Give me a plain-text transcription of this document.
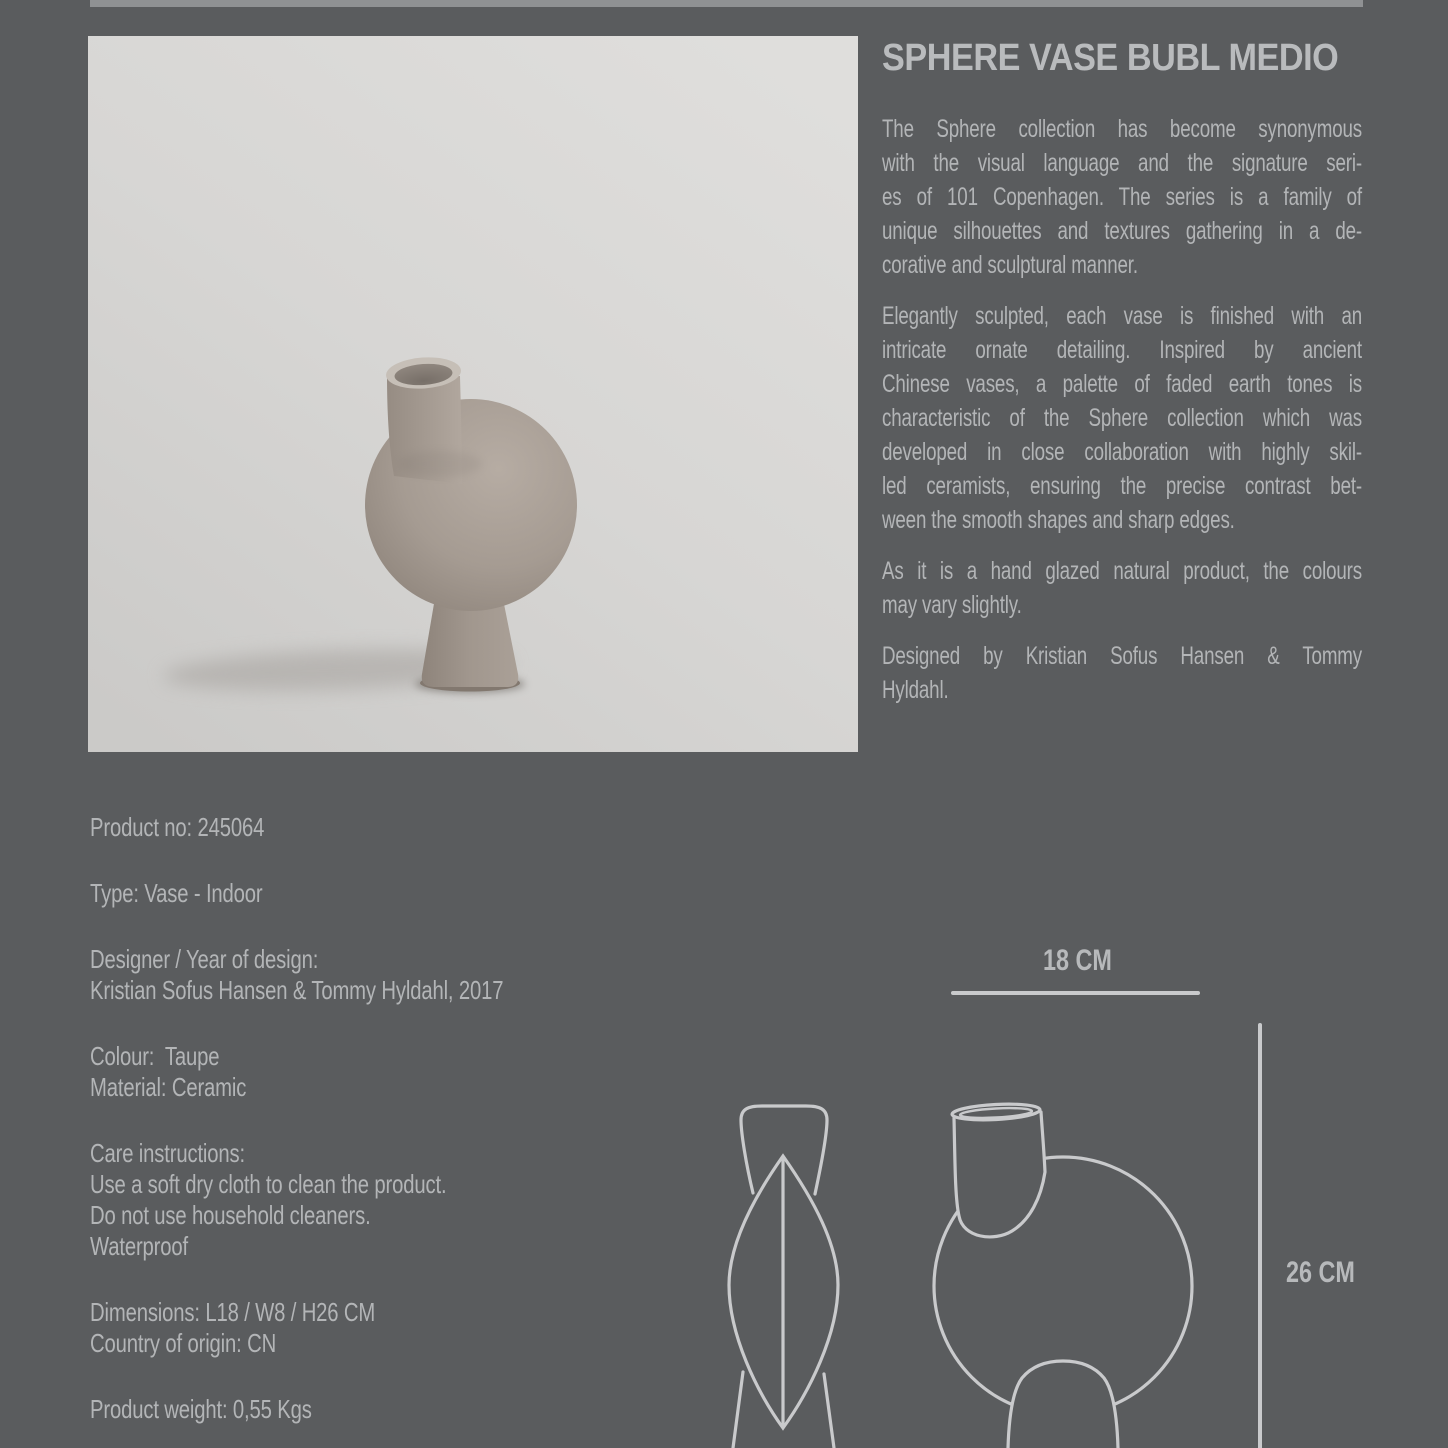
SPHERE VASE BUBL MEDIO
The Sphere collection has become synonymous
with the visual language and the signature seri-
es of 101 Copenhagen. The series is a family of
unique silhouettes and textures gathering in a de-
corative and sculptural manner.
Elegantly sculpted, each vase is finished with an
intricate ornate detailing. Inspired by ancient
Chinese vases, a palette of faded earth tones is
characteristic of the Sphere collection which was
developed in close collaboration with highly skil-
led ceramists, ensuring the precise contrast bet-
ween the smooth shapes and sharp edges.
As it is a hand glazed natural product, the colours
may vary slightly.
Designed by Kristian Sofus Hansen & Tommy
Hyldahl.
Product no: 245064
Type: Vase - Indoor
Designer / Year of design:
Kristian Sofus Hansen & Tommy Hyldahl, 2017
Colour:  Taupe
Material: Ceramic
Care instructions:
Use a soft dry cloth to clean the product.
Do not use household cleaners.
Waterproof
Dimensions: L18 / W8 / H26 CM
Country of origin: CN
Product weight: 0,55 Kgs
18 CM
26 CM
